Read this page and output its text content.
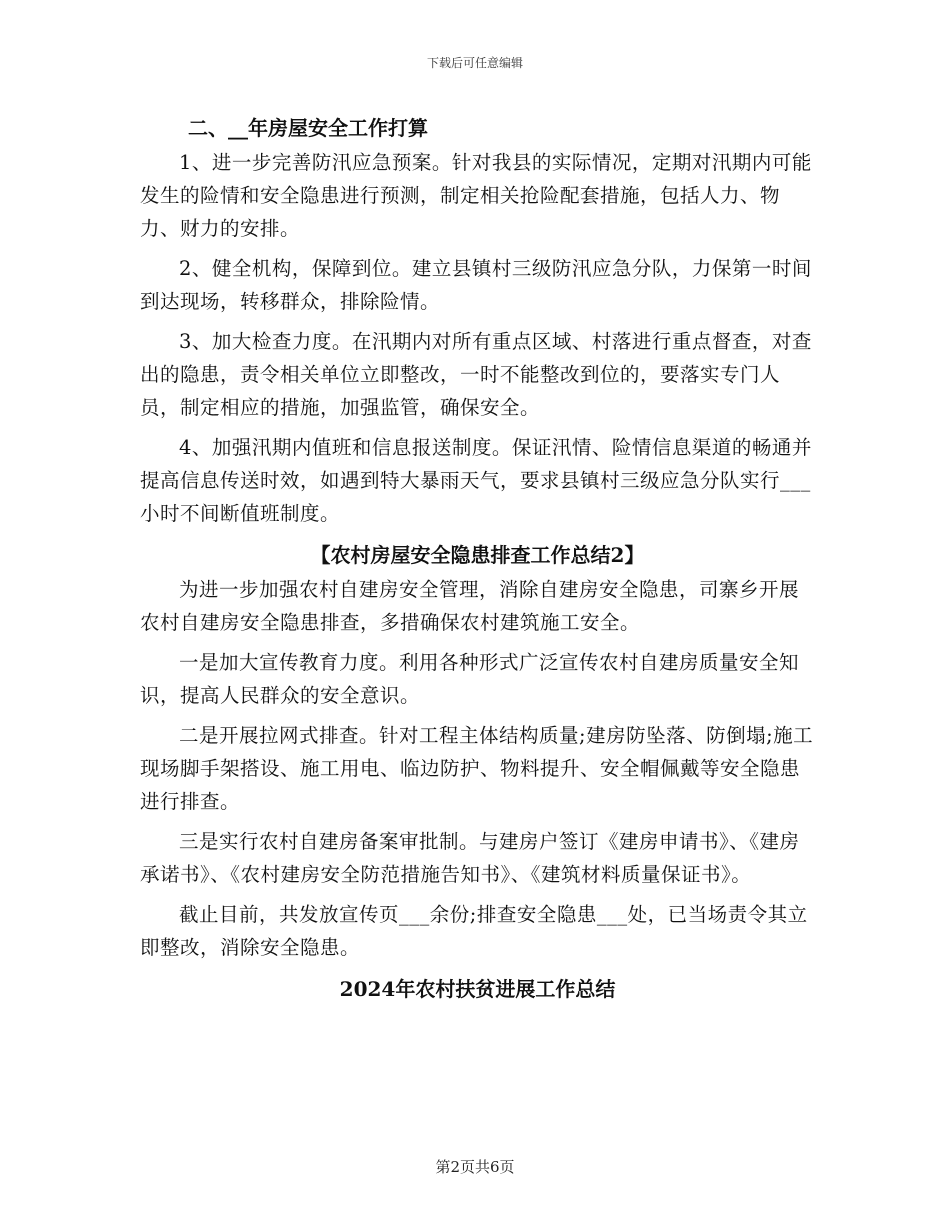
下载后可任意编辑

二、__年房屋安全工作打算

1、进一步完善防汛应急预案。针对我县的实际情况，定期对汛期内可能发生的险情和安全隐患进行预测，制定相关抢险配套措施，包括人力、物力、财力的安排。

2、健全机构，保障到位。建立县镇村三级防汛应急分队，力保第一时间到达现场，转移群众，排除险情。

3、加大检查力度。在汛期内对所有重点区域、村落进行重点督查，对查出的隐患，责令相关单位立即整改，一时不能整改到位的，要落实专门人员，制定相应的措施，加强监管，确保安全。

4、加强汛期内值班和信息报送制度。保证汛情、险情信息渠道的畅通并提高信息传送时效，如遇到特大暴雨天气，要求县镇村三级应急分队实行___小时不间断值班制度。

【农村房屋安全隐患排查工作总结2】

为进一步加强农村自建房安全管理，消除自建房安全隐患，司寨乡开展农村自建房安全隐患排查，多措确保农村建筑施工安全。

一是加大宣传教育力度。利用各种形式广泛宣传农村自建房质量安全知识，提高人民群众的安全意识。

二是开展拉网式排查。针对工程主体结构质量;建房防坠落、防倒塌;施工现场脚手架搭设、施工用电、临边防护、物料提升、安全帽佩戴等安全隐患进行排查。

三是实行农村自建房备案审批制。与建房户签订《建房申请书》、《建房承诺书》、《农村建房安全防范措施告知书》、《建筑材料质量保证书》。

截止目前，共发放宣传页___余份;排查安全隐患___处，已当场责令其立即整改，消除安全隐患。

2024年农村扶贫进展工作总结

第2页共6页
